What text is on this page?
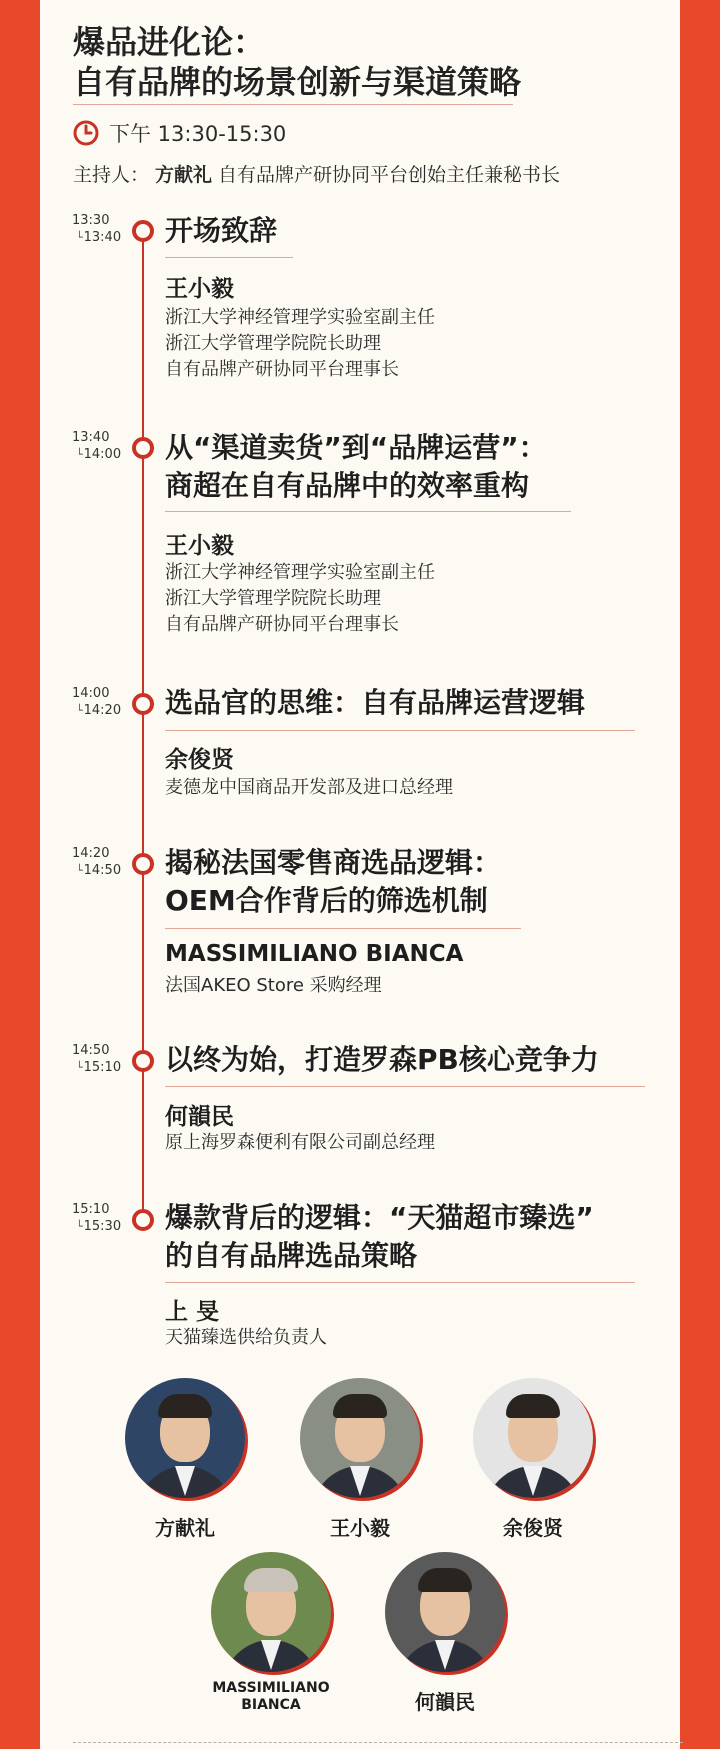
爆品进化论：
自有品牌的场景创新与渠道策略
下午 13:30-15:30
主持人： 方献礼 自有品牌产研协同平台创始主任兼秘书长
13:30
└ 13:40	开场致辞
王小毅
浙江大学神经管理学实验室副主任
浙江大学管理学院院长助理
自有品牌产研协同平台理事长
13:40
└ 14:00	从“渠道卖货”到“品牌运营”：
商超在自有品牌中的效率重构
王小毅
浙江大学神经管理学实验室副主任
浙江大学管理学院院长助理
自有品牌产研协同平台理事长
14:00
└ 14:20	选品官的思维：自有品牌运营逻辑
余俊贤
麦德龙中国商品开发部及进口总经理
14:20
└ 14:50	揭秘法国零售商选品逻辑：
OEM合作背后的筛选机制
MASSIMILIANO BIANCA
法国AKEO Store 采购经理
14:50
└ 15:10	以终为始，打造罗森PB核心竞争力
何韻民
原上海罗森便利有限公司副总经理
15:10
└ 15:30	爆款背后的逻辑：“天猫超市臻选”
的自有品牌选品策略
上 旻
天猫臻选供给负责人
方献礼	王小毅	余俊贤
MASSIMILIANO BIANCA	何韻民
